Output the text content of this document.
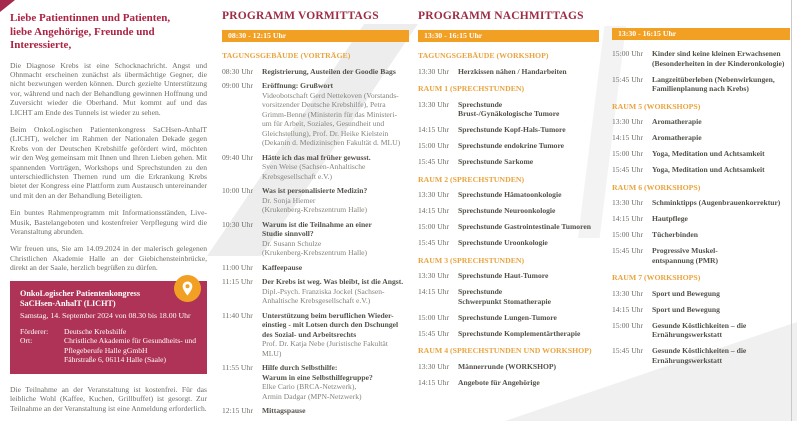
Liebe Patientinnen und Patienten,
liebe Angehörige, Freunde und Interessierte,
Die Diagnose Krebs ist eine Schocknachricht. Angst und Ohnmacht erscheinen zunächst als übermächtige Gegner, die nicht bezwungen werden können. Durch gezielte Unterstützung vor, während und nach der Behandlung gewinnen Hoffnung und Zuversicht wieder die Oberhand. Mut kommt auf und das LICHT am Ende des Tunnels ist wieder zu sehen.
Beim OnkoLogischen Patientenkongress SaCHsen-AnhalT (LICHT), welcher im Rahmen der Nationalen Dekade gegen Krebs von der Deutschen Krebshilfe gefördert wird, möchten wir den Weg gemeinsam mit Ihnen und Ihren Lieben gehen. Mit spannenden Vorträgen, Workshops und Sprechstunden zu den unterschiedlichsten Themen rund um die Erkrankung Krebs bietet der Kongress eine Plattform zum Austausch untereinander und mit den an der Behandlung Beteiligten.
Ein buntes Rahmenprogramm mit Informationsständen, Live-Musik, Bastelangeboten und kostenfreier Verpflegung wird die Veranstaltung abrunden.
Wir freuen uns, Sie am 14.09.2024 in der malerisch gelegenen Christlichen Akademie Halle an der Giebichensteinbrücke, direkt an der Saale, herzlich begrüßen zu dürfen.
OnkoLogischer Patientenkongress
SaCHsen-AnhalT (LICHT)
Samstag, 14. September 2024 von 08.30 bis 18.00 Uhr
Förderer:	Deutsche Krebshilfe
Ort:	Christliche Akademie für Gesundheits- und
Pflegeberufe Halle gGmbH
Fährstraße 6, 06114 Halle (Saale)
Die Teilnahme an der Veranstaltung ist kostenfrei. Für das leibliche Wohl (Kaffee, Kuchen, Grillbuffet) ist gesorgt. Zur Teilnahme an der Veranstaltung ist eine Anmeldung erforderlich.
PROGRAMM VORMITTAGS
08:30 - 12:15 Uhr
TAGUNGSGEBÄUDE (VORTRÄGE)
08:30 Uhr	Registrierung, Austeilen der Goodie Bags
09:00 Uhr	Eröffnung: Grußwort
Videobotschaft Gerd Nettekoven (Vorstands-
vorsitzender Deutsche Krebshilfe), Petra
Grimm-Benne (Ministerin für das Ministeri-
um für Arbeit, Soziales, Gesundheit und
Gleichstellung), Prof. Dr. Heike Kielstein
(Dekanin d. Medizinischen Fakultät d. MLU)
09:40 Uhr	Hätte ich das mal früher gewusst.
Sven Weise (Sachsen-Anhaltische
Krebsgesellschaft e.V.)
10:00 Uhr	Was ist personalisierte Medizin?
Dr. Sonja Hiemer
(Krukenberg-Krebszentrum Halle)
10:30 Uhr	Warum ist die Teilnahme an einer
Studie sinnvoll?
Dr. Susann Schulze
(Krukenberg-Krebszentrum Halle)
11:00 Uhr	Kaffeepause
11:15 Uhr	Der Krebs ist weg. Was bleibt, ist die Angst.
Dipl.-Psych. Franziska Jockel (Sachsen-
Anhaltische Krebsgesellschaft e.V.)
11:40 Uhr	Unterstützung beim beruflichen Wieder-
einstieg - mit Lotsen durch den Dschungel
des Sozial- und Arbeitsrechts
Prof. Dr. Katja Nebe (Juristische Fakultät MLU)
11:55 Uhr	Hilfe durch Selbsthilfe:
Warum in eine Selbsthilfegruppe?
Elke Cario (BRCA-Netzwerk),
Armin Dadgar (MPN-Netzwerk)
12:15 Uhr	Mittagspause
PROGRAMM NACHMITTAGS
13:30 - 16:15 Uhr
TAGUNGSGEBÄUDE (WORKSHOP)
13:30 Uhr	Herzkissen nähen / Handarbeiten
RAUM 1 (SPRECHSTUNDEN)
13:30 Uhr	Sprechstunde
Brust-/Gynäkologische Tumore
14:15 Uhr	Sprechstunde Kopf-Hals-Tumore
15:00 Uhr	Sprechstunde endokrine Tumore
15:45 Uhr	Sprechstunde Sarkome
RAUM 2 (SPRECHSTUNDEN)
13:30 Uhr	Sprechstunde Hämatoonkologie
14:15 Uhr	Sprechstunde Neuroonkologie
15:00 Uhr	Sprechstunde Gastrointestinale Tumoren
15:45 Uhr	Sprechstunde Uroonkologie
RAUM 3 (SPRECHSTUNDEN)
13:30 Uhr	Sprechstunde Haut-Tumore
14:15 Uhr	Sprechstunde
Schwerpunkt Stomatherapie
15:00 Uhr	Sprechstunde Lungen-Tumore
15:45 Uhr	Sprechstunde Komplementärtherapie
RAUM 4 (SPRECHSTUNDEN UND WORKSHOP)
13:30 Uhr	Männerrunde (WORKSHOP)
14:15 Uhr	Angebote für Angehörige
13:30 - 16:15 Uhr
15:00 Uhr	Kinder sind keine kleinen Erwachsenen
(Besonderheiten in der Kinderonkologie)
15:45 Uhr	Langzeitüberleben (Nebenwirkungen,
Familienplanung nach Krebs)
RAUM 5 (WORKSHOPS)
13:30 Uhr	Aromatherapie
14:15 Uhr	Aromatherapie
15:00 Uhr	Yoga, Meditation und Achtsamkeit
15:45 Uhr	Yoga, Meditation und Achtsamkeit
RAUM 6 (WORKSHOPS)
13:30 Uhr	Schminktipps (Augenbrauenkorrektur)
14:15 Uhr	Hautpflege
15:00 Uhr	Tücherbinden
15:45 Uhr	Progressive Muskel-
entspannung (PMR)
RAUM 7 (WORKSHOPS)
13:30 Uhr	Sport und Bewegung
14:15 Uhr	Sport und Bewegung
15:00 Uhr	Gesunde Köstlichkeiten – die
Ernährungswerkstatt
15:45 Uhr	Gesunde Köstlichkeiten – die
Ernährungswerkstatt
